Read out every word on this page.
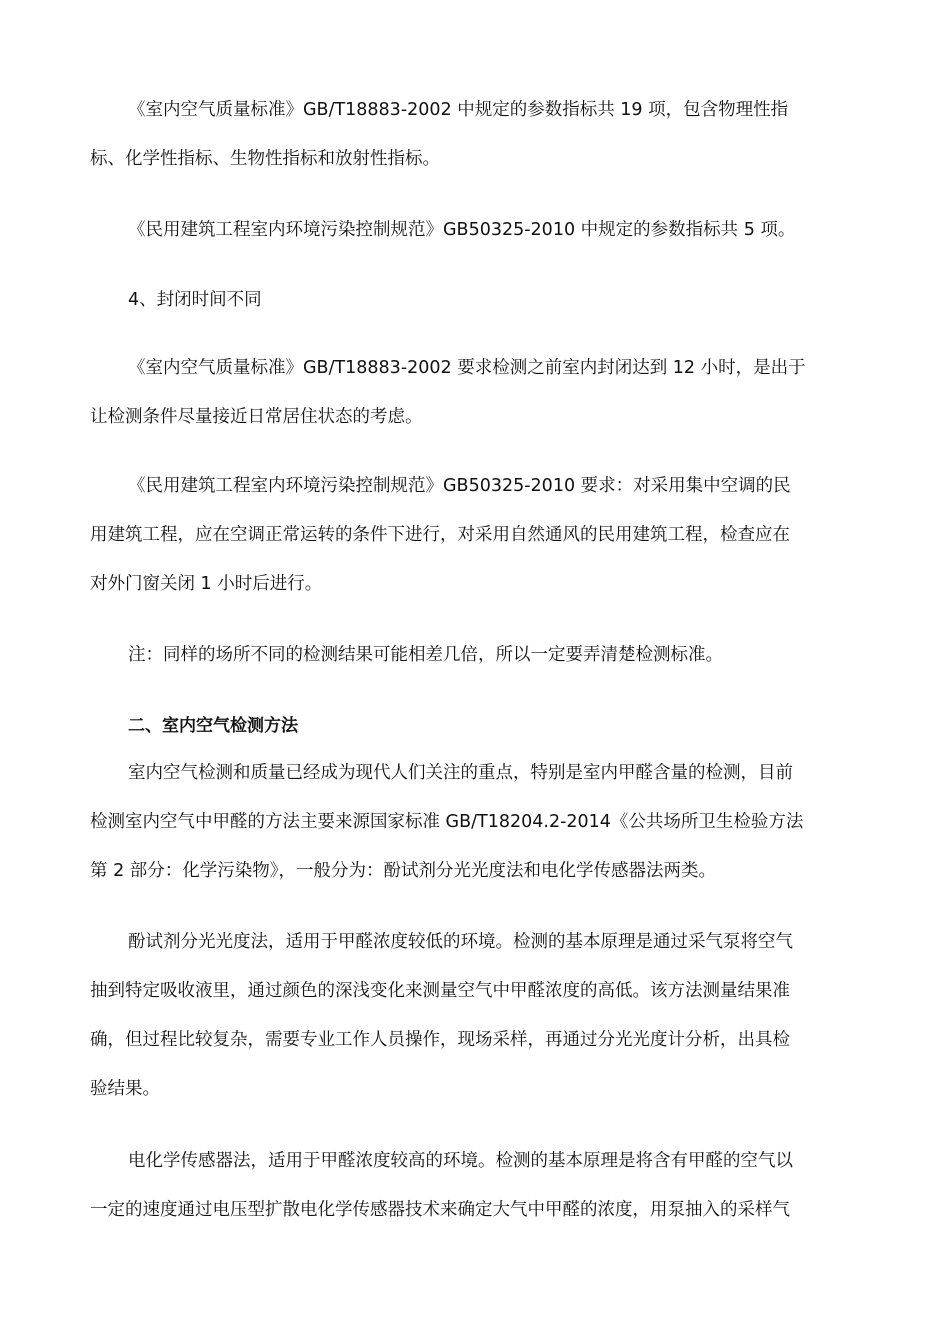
《室内空气质量标准》GB/T18883-2002 中规定的参数指标共 19 项，包含物理性指
标、化学性指标、生物性指标和放射性指标。

《民用建筑工程室内环境污染控制规范》GB50325-2010 中规定的参数指标共 5 项。

4、封闭时间不同

《室内空气质量标准》GB/T18883-2002 要求检测之前室内封闭达到 12 小时，是出于
让检测条件尽量接近日常居住状态的考虑。

《民用建筑工程室内环境污染控制规范》GB50325-2010 要求：对采用集中空调的民
用建筑工程，应在空调正常运转的条件下进行，对采用自然通风的民用建筑工程，检查应在
对外门窗关闭 1 小时后进行。

注：同样的场所不同的检测结果可能相差几倍，所以一定要弄清楚检测标准。

二、室内空气检测方法

室内空气检测和质量已经成为现代人们关注的重点，特别是室内甲醛含量的检测，目前
检测室内空气中甲醛的方法主要来源国家标准 GB/T18204.2-2014《公共场所卫生检验方法
第 2 部分：化学污染物》，一般分为：酚试剂分光光度法和电化学传感器法两类。

酚试剂分光光度法，适用于甲醛浓度较低的环境。检测的基本原理是通过采气泵将空气
抽到特定吸收液里，通过颜色的深浅变化来测量空气中甲醛浓度的高低。该方法测量结果准
确，但过程比较复杂，需要专业工作人员操作，现场采样，再通过分光光度计分析，出具检
验结果。

电化学传感器法，适用于甲醛浓度较高的环境。检测的基本原理是将含有甲醛的空气以
一定的速度通过电压型扩散电化学传感器技术来确定大气中甲醛的浓度，用泵抽入的采样气
